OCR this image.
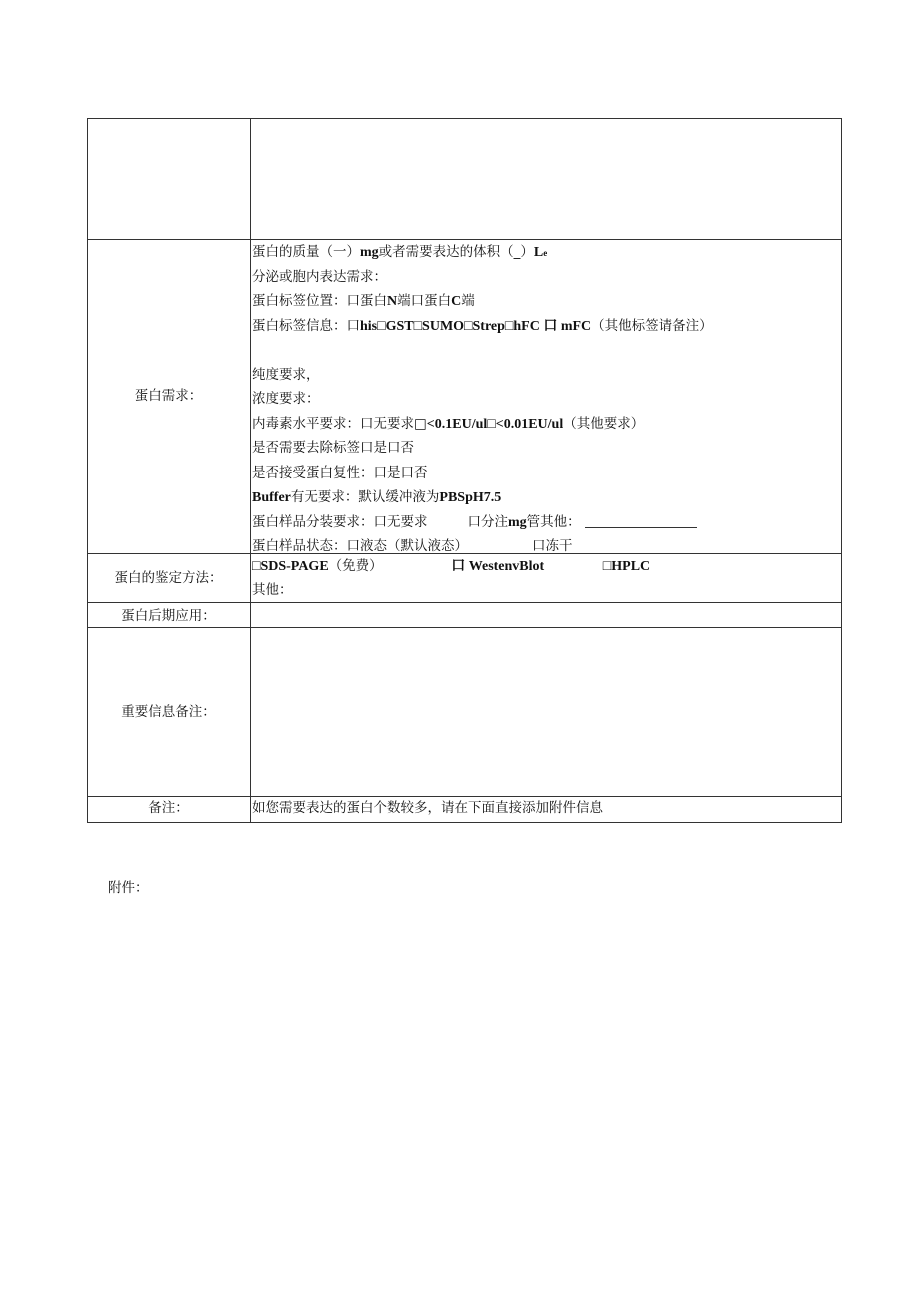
蛋白需求：
蛋白的质量（一）mg或者需要表达的体积（_）Le
分泌或胞内表达需求：
蛋白标签位置：口蛋白N端口蛋白C端
蛋白标签信息：口his□GST□SUMO□Strep□hFC 口 mFC（其他标签请备注）
纯度要求，
浓度要求：
内毒素水平要求：口无要求□<0.1EU/ul□<0.01EU/ul（其他要求）
是否需要去除标签口是口否
是否接受蛋白复性：口是口否
Buffer有无要求：默认缓冲液为PBSpH7.5
蛋白样品分装要求：口无要求	口分注mg管其他：
蛋白样品状态：口液态（默认液态）	口冻干
蛋白的鉴定方法：
□SDS-PAGE（免费）	口 WestenvBlot	□HPLC
其他：
蛋白后期应用：
重要信息备注：
备注：	如您需要表达的蛋白个数较多，请在下面直接添加附件信息
附件：
